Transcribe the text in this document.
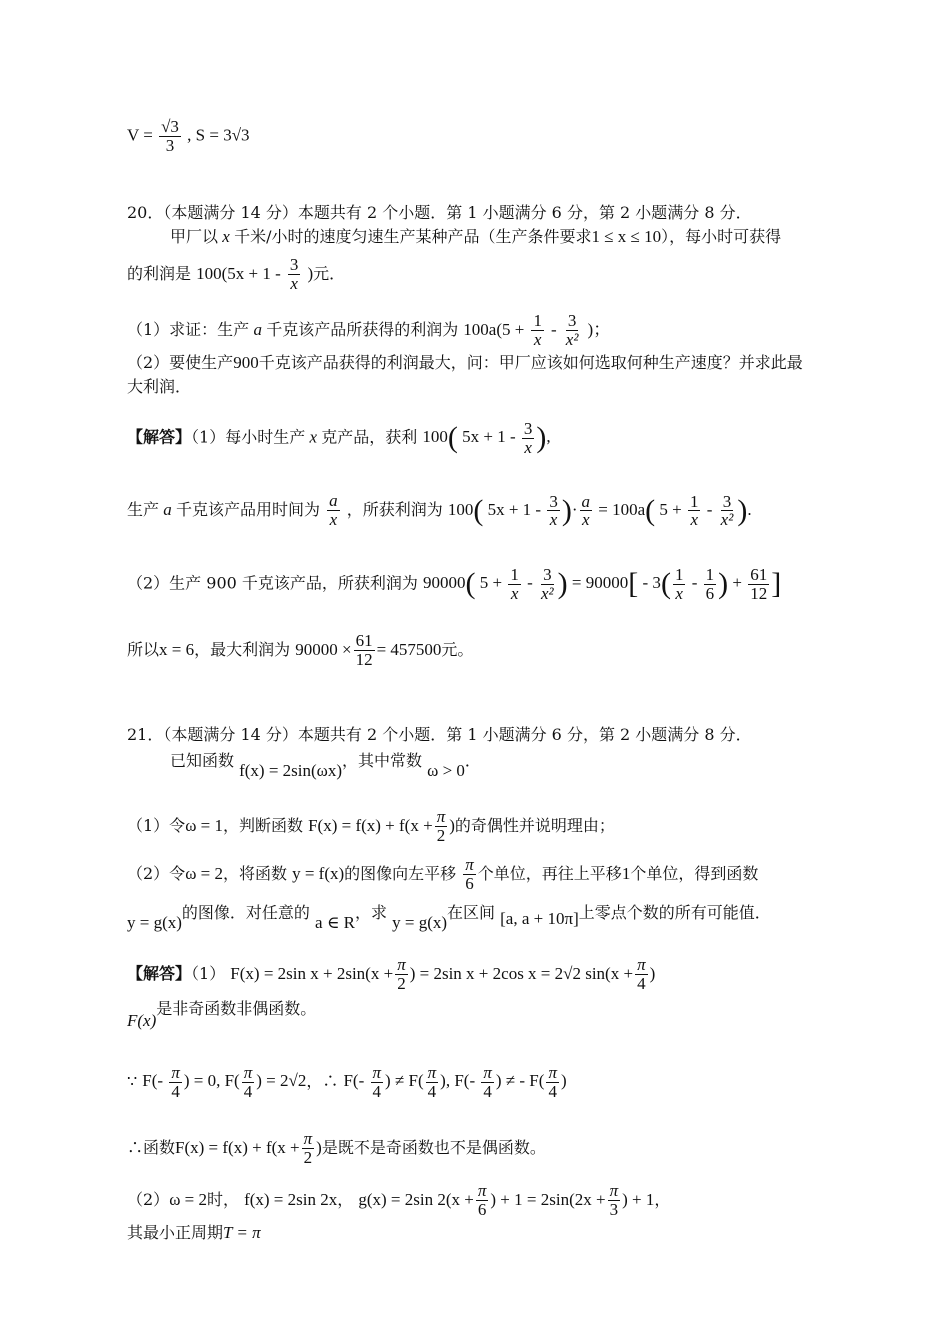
$V = \frac{√3}{3}$ , S = 3√3
20．（本题满分 14 分）本题共有 2 个小题．第 1 小题满分 6 分，第 2 小题满分 8 分．
甲厂以 x 千米/小时的速度匀速生产某种产品（生产条件要求1 ≤ x ≤ 10），每小时可获得
的利润是 $100(5x + 1 - \frac{3}{x}$ )元．
（1）求证：生产 a 千克该产品所获得的利润为 $100a(5 + \frac{1}{x} - \frac{3}{\text{x²}}$ )；
（2）要使生产900千克该产品获得的利润最大，问：甲厂应该如何选取何种生产速度？并求此最
大利润．
【解答】（1）每小时生产 x 克产品，获利 100( $5x + 1 - \frac{3}{x}$ ),
生产 a 千克该产品用时间为 $\frac{a}{x}$ ，所获利润为 100( $5x + 1 - \frac{3}{x}$ )· $\frac{a}{x} = 100a$( $5 + \frac{1}{x} - \frac{3}{\text{x²}}$ ).
（2）生产 900 千克该产品，所获利润为 90000( $5 + \frac{1}{x} - \frac{3}{\text{x²}}$ ) = $90000[ - 3( \frac{1}{x} - \frac{1}{6}$ ) + $\frac{61}{12}$ ]
所以x = 6，最大利润为 $90000 \times \frac{61}{12} = 457500$元。
21．（本题满分 14 分）本题共有 2 个小题．第 1 小题满分 6 分，第 2 小题满分 8 分．
已知函数 f(x) = 2sin(ωx)，其中常数 ω > 0．
（1）令ω = 1，判断函数 $F(x) = f(x) + f(x + \frac{\pi}{2}$ )的奇偶性并说明理由；
（2）令ω = 2，将函数 y = f(x)的图像向左平移 $\frac{\pi}{6}$ 个单位，再往上平移1个单位，得到函数
y = g(x)的图像．对任意的 a ∈ R，求 y = g(x)在区间 [a, a + 10π]上零点个数的所有可能值．
【解答】（1） F(x) = 2sin $x + 2\sin(x + \frac{\pi}{2}$ ) = 2sin x + 2cos x = 2√2 $\sin(x + \frac{\pi}{4}$ )
F(x)是非奇函数非偶函数。
∵ $F(- \frac{\pi}{4}$ ) = 0, $F( \frac{\pi}{4}$ ) = 2√2，∴ $F(- \frac{\pi}{4}$ ) ≠ $F( \frac{\pi}{4}$ ), $F(- \frac{\pi}{4}$ ) ≠ - $F( \frac{\pi}{4}$ )
∴函数$F(x) = f(x) + f(x + \frac{\pi}{2}$ )是既不是奇函数也不是偶函数。
（2）ω = 2时， f(x) = 2sin 2x， g(x) = 2sin $2(x + \frac{\pi}{6}$ ) + $1 = 2\sin(2x + \frac{\pi}{3}$ ) + 1，
其最小正周期T = π
